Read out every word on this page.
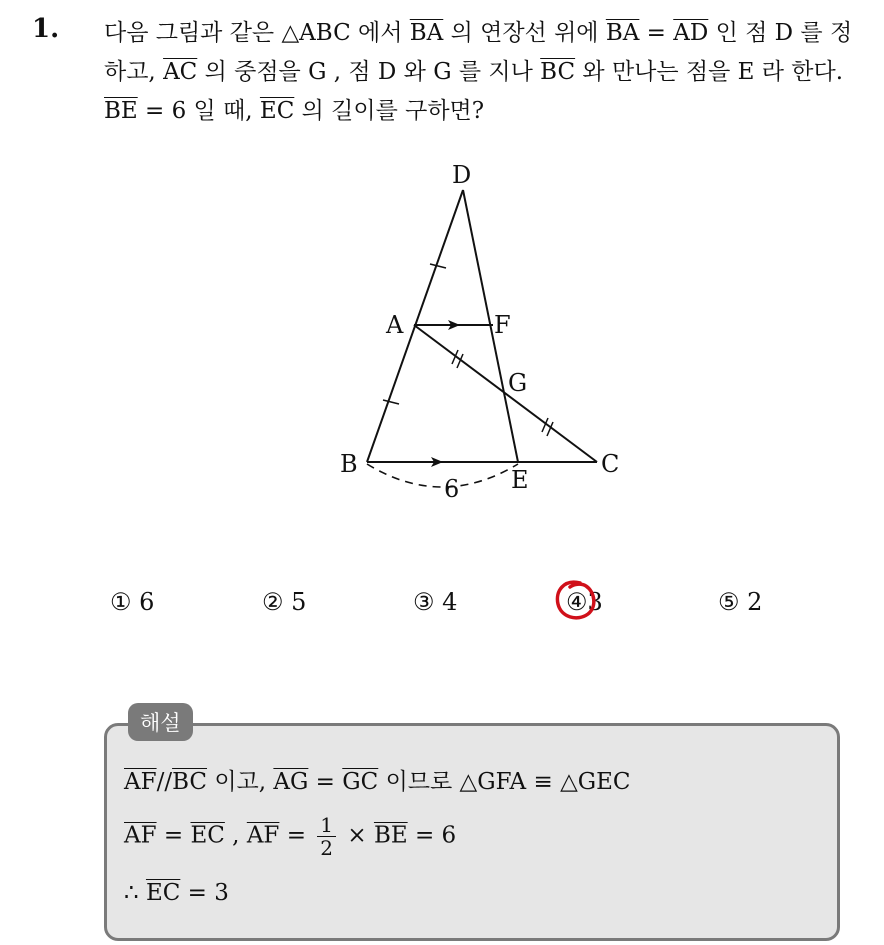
1. 다음 그림과 같은 △ABC 에서 $\overline{BA}$ 의 연장선 위에 $\overline{BA} = \overline{AD}$ 인 점 D 를 정하고, $\overline{AC}$ 의 중점을 G , 점 D 와 G 를 지나 $\overline{BC}$ 와 만나는 점을 E 라 한다. $\overline{BE} = 6$ 일 때, $\overline{EC}$ 의 길이를 구하면?
D
A	F
G
B
E
C
6
① 6	② 5	③ 4	④3	⑤ 2
해설
$\overline{AF}//\overline{BC}$ 이고, $\overline{AG} = \overline{GC}$ 이므로 △GFA ≡ △GEC
$\overline{AF} = \overline{EC}$ , $\overline{AF} = \frac{1}{2} \times \overline{BE} = 6$
∴ $\overline{EC} = 3$
